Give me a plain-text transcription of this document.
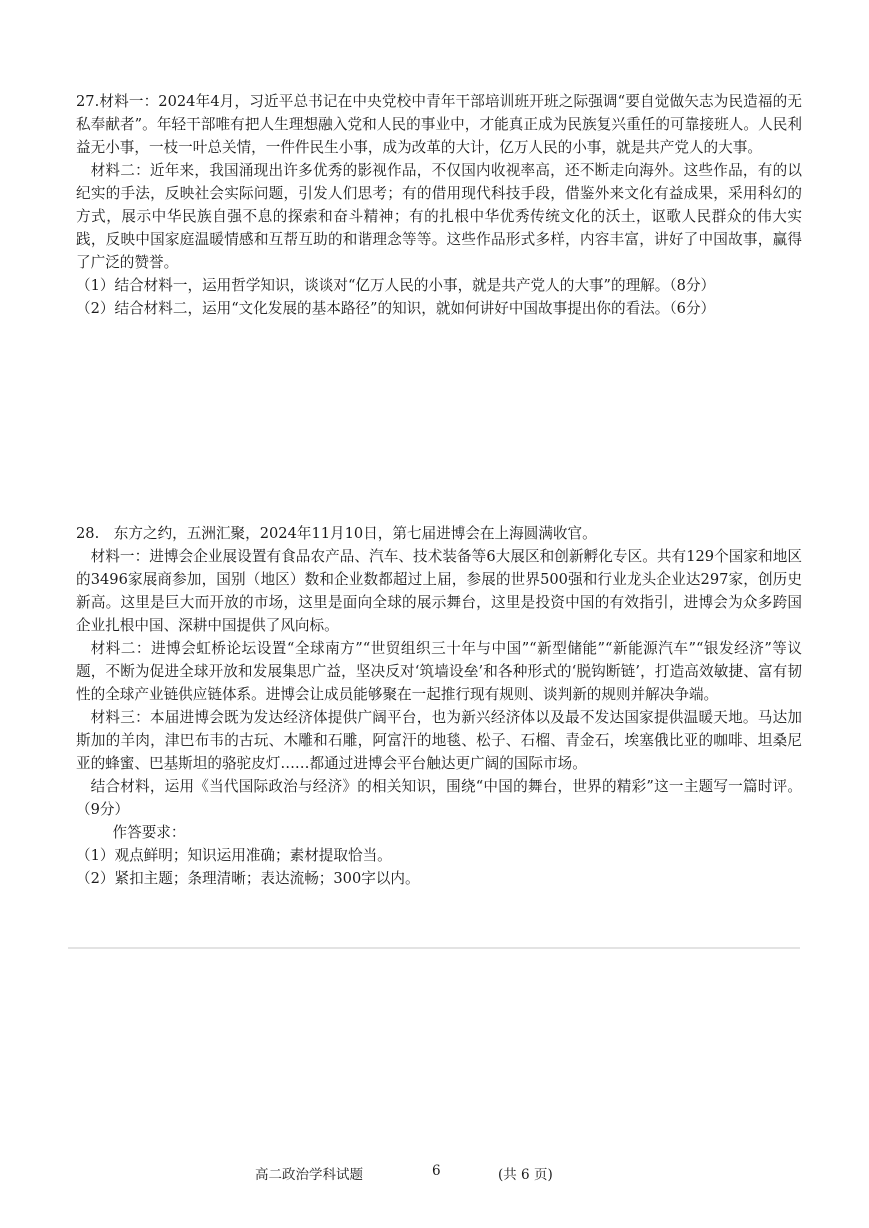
27.材料一：2024年4月，习近平总书记在中央党校中青年干部培训班开班之际强调“要自觉做矢志为民造福的无私奉献者”。年轻干部唯有把人生理想融入党和人民的事业中，才能真正成为民族复兴重任的可靠接班人。人民利益无小事，一枝一叶总关情，一件件民生小事，成为改革的大计，亿万人民的小事，就是共产党人的大事。

材料二：近年来，我国涌现出许多优秀的影视作品，不仅国内收视率高，还不断走向海外。这些作品，有的以纪实的手法，反映社会实际问题，引发人们思考；有的借用现代科技手段，借鉴外来文化有益成果，采用科幻的方式，展示中华民族自强不息的探索和奋斗精神；有的扎根中华优秀传统文化的沃土，讴歌人民群众的伟大实践，反映中国家庭温暖情感和互帮互助的和谐理念等等。这些作品形式多样，内容丰富，讲好了中国故事，赢得了广泛的赞誉。

（1）结合材料一，运用哲学知识，谈谈对“亿万人民的小事，就是共产党人的大事”的理解。（8分）

（2）结合材料二，运用“文化发展的基本路径”的知识，就如何讲好中国故事提出你的看法。（6分）

28.　东方之约，五洲汇聚，2024年11月10日，第七届进博会在上海圆满收官。

材料一：进博会企业展设置有食品农产品、汽车、技术装备等6大展区和创新孵化专区。共有129个国家和地区的3496家展商参加，国别（地区）数和企业数都超过上届，参展的世界500强和行业龙头企业达297家，创历史新高。这里是巨大而开放的市场，这里是面向全球的展示舞台，这里是投资中国的有效指引，进博会为众多跨国企业扎根中国、深耕中国提供了风向标。

材料二：进博会虹桥论坛设置“全球南方”“世贸组织三十年与中国”“新型储能”“新能源汽车”“银发经济”等议题，不断为促进全球开放和发展集思广益，坚决反对‘筑墙设垒’和各种形式的‘脱钩断链’，打造高效敏捷、富有韧性的全球产业链供应链体系。进博会让成员能够聚在一起推行现有规则、谈判新的规则并解决争端。

材料三：本届进博会既为发达经济体提供广阔平台，也为新兴经济体以及最不发达国家提供温暖天地。马达加斯加的羊肉，津巴布韦的古玩、木雕和石雕，阿富汗的地毯、松子、石榴、青金石，埃塞俄比亚的咖啡、坦桑尼亚的蜂蜜、巴基斯坦的骆驼皮灯……都通过进博会平台触达更广阔的国际市场。

结合材料，运用《当代国际政治与经济》的相关知识，围绕“中国的舞台，世界的精彩”这一主题写一篇时评。（9分）

作答要求：

（1）观点鲜明；知识运用准确；素材提取恰当。

（2）紧扣主题；条理清晰；表达流畅；300字以内。

高二政治学科试题	6	(共 6 页)
